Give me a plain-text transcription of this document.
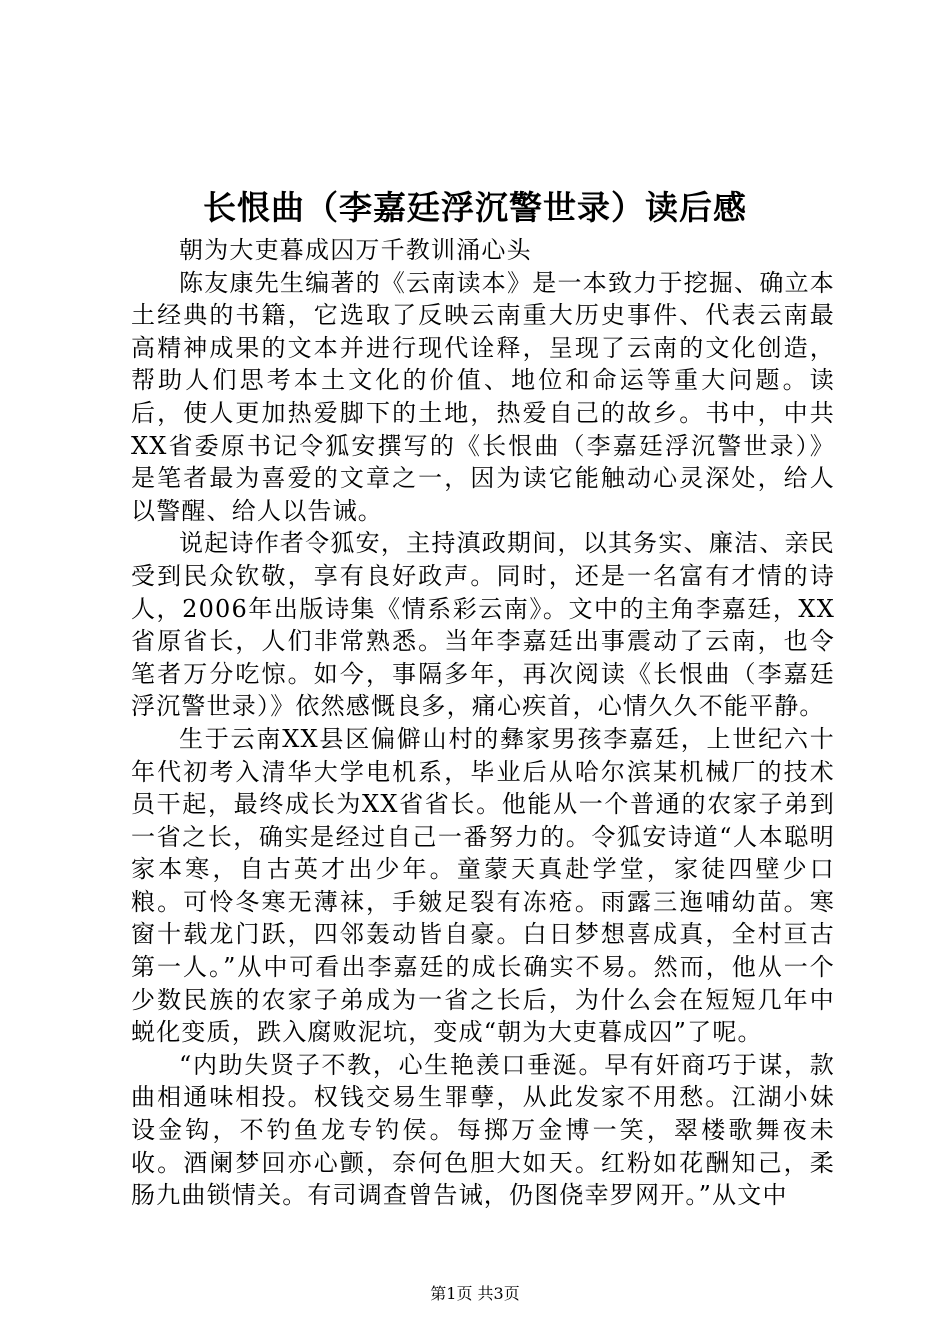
长恨曲（李嘉廷浮沉警世录）读后感

朝为大吏暮成囚万千教训涌心头

陈友康先生编著的《云南读本》是一本致力于挖掘、确立本土经典的书籍，它选取了反映云南重大历史事件、代表云南最高精神成果的文本并进行现代诠释，呈现了云南的文化创造，帮助人们思考本土文化的价值、地位和命运等重大问题。读后，使人更加热爱脚下的土地，热爱自己的故乡。书中，中共XX省委原书记令狐安撰写的《长恨曲（李嘉廷浮沉警世录）》是笔者最为喜爱的文章之一，因为读它能触动心灵深处，给人以警醒、给人以告诫。

说起诗作者令狐安，主持滇政期间，以其务实、廉洁、亲民受到民众钦敬，享有良好政声。同时，还是一名富有才情的诗人，2006年出版诗集《情系彩云南》。文中的主角李嘉廷，XX省原省长，人们非常熟悉。当年李嘉廷出事震动了云南，也令笔者万分吃惊。如今，事隔多年，再次阅读《长恨曲（李嘉廷浮沉警世录）》依然感慨良多，痛心疾首，心情久久不能平静。

生于云南XX县区偏僻山村的彝家男孩李嘉廷，上世纪六十年代初考入清华大学电机系，毕业后从哈尔滨某机械厂的技术员干起，最终成长为XX省省长。他能从一个普通的农家子弟到一省之长，确实是经过自己一番努力的。令狐安诗道“人本聪明家本寒，自古英才出少年。童蒙天真赴学堂，家徒四壁少口粮。可怜冬寒无薄袜，手皴足裂有冻疮。雨露三迤哺幼苗。寒窗十载龙门跃，四邻轰动皆自豪。白日梦想喜成真，全村亘古第一人。”从中可看出李嘉廷的成长确实不易。然而，他从一个少数民族的农家子弟成为一省之长后，为什么会在短短几年中蜕化变质，跌入腐败泥坑，变成“朝为大吏暮成囚”了呢。

“内助失贤子不教，心生艳羡口垂涎。早有奸商巧于谋，款曲相通味相投。权钱交易生罪孽，从此发家不用愁。江湖小妹设金钩，不钓鱼龙专钓侯。每掷万金博一笑，翠楼歌舞夜未收。酒阑梦回亦心颤，奈何色胆大如天。红粉如花酬知己，柔肠九曲锁情关。有司调查曾告诫，仍图侥幸罗网开。”从文中

第1页 共3页
